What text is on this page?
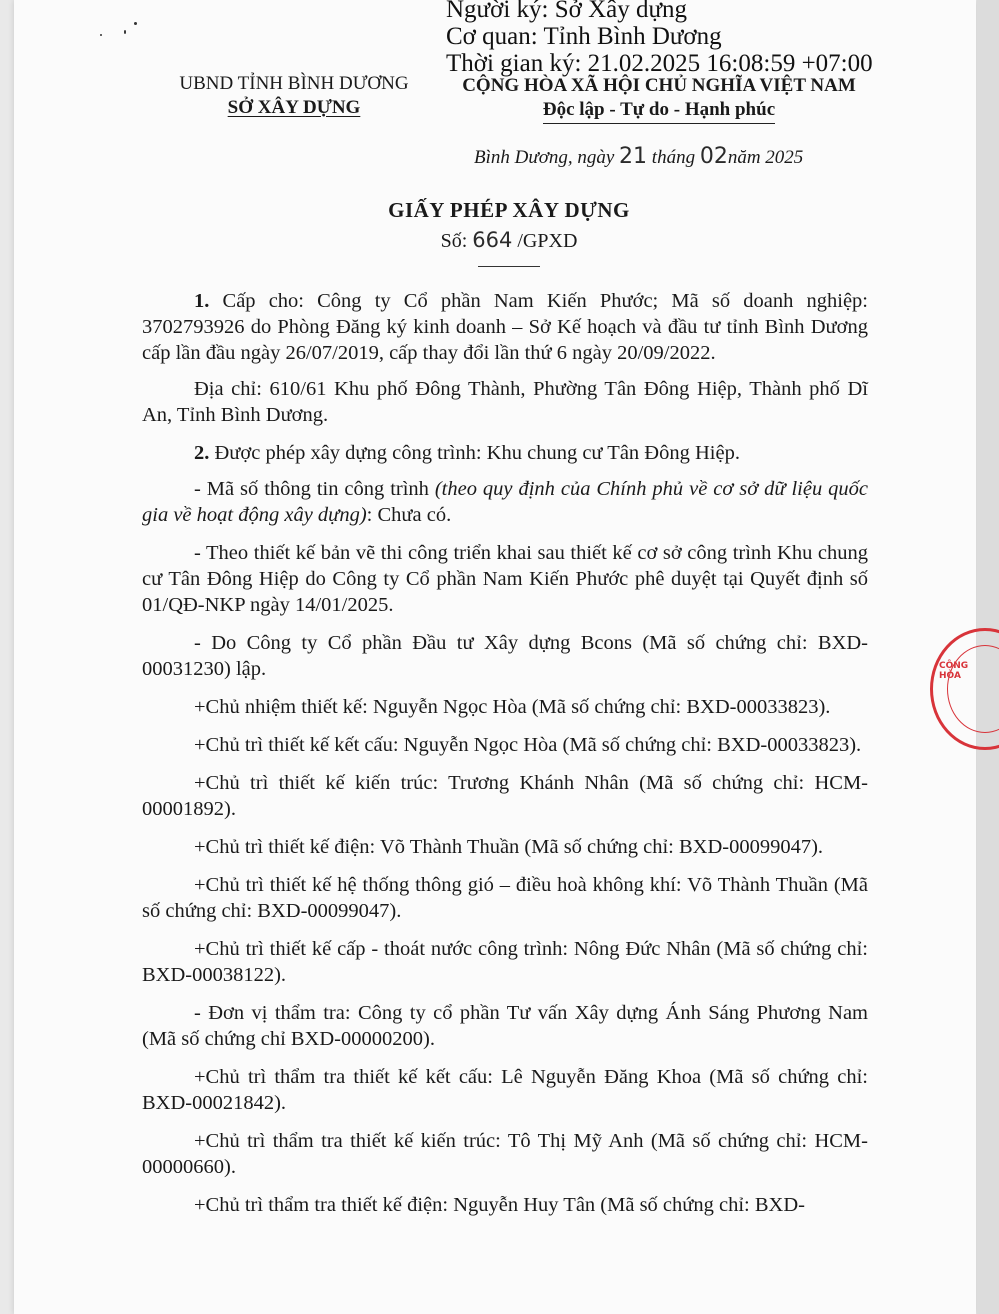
Người ký: Sở Xây dựng
Cơ quan: Tỉnh Bình Dương
Thời gian ký: 21.02.2025 16:08:59 +07:00
UBND TỈNH BÌNH DƯƠNG
SỞ XÂY DỰNG
CỘNG HÒA XÃ HỘI CHỦ NGHĨA VIỆT NAM
Độc lập - Tự do - Hạnh phúc
Bình Dương, ngày 21 tháng 02năm 2025
GIẤY PHÉP XÂY DỰNG
Số: 664 /GPXD

1. Cấp cho: Công ty Cổ phần Nam Kiến Phước; Mã số doanh nghiệp: 3702793926 do Phòng Đăng ký kinh doanh – Sở Kế hoạch và đầu tư tỉnh Bình Dương cấp lần đầu ngày 26/07/2019, cấp thay đổi lần thứ 6 ngày 20/09/2022.

Địa chỉ: 610/61 Khu phố Đông Thành, Phường Tân Đông Hiệp, Thành phố Dĩ An, Tỉnh Bình Dương.

2. Được phép xây dựng công trình: Khu chung cư Tân Đông Hiệp.

- Mã số thông tin công trình (theo quy định của Chính phủ về cơ sở dữ liệu quốc gia về hoạt động xây dựng): Chưa có.

- Theo thiết kế bản vẽ thi công triển khai sau thiết kế cơ sở công trình Khu chung cư Tân Đông Hiệp do Công ty Cổ phần Nam Kiến Phước phê duyệt tại Quyết định số 01/QĐ-NKP ngày 14/01/2025.

- Do Công ty Cổ phần Đầu tư Xây dựng Bcons (Mã số chứng chỉ: BXD-00031230) lập.

+Chủ nhiệm thiết kế: Nguyễn Ngọc Hòa (Mã số chứng chỉ: BXD-00033823).

+Chủ trì thiết kế kết cấu: Nguyễn Ngọc Hòa (Mã số chứng chỉ: BXD-00033823).

+Chủ trì thiết kế kiến trúc: Trương Khánh Nhân (Mã số chứng chỉ: HCM-00001892).

+Chủ trì thiết kế điện: Võ Thành Thuần (Mã số chứng chỉ: BXD-00099047).

+Chủ trì thiết kế hệ thống thông gió – điều hoà không khí: Võ Thành Thuần (Mã số chứng chỉ: BXD-00099047).

+Chủ trì thiết kế cấp - thoát nước công trình: Nông Đức Nhân (Mã số chứng chỉ: BXD-00038122).

- Đơn vị thẩm tra: Công ty cổ phần Tư vấn Xây dựng Ánh Sáng Phương Nam (Mã số chứng chỉ BXD-00000200).

+Chủ trì thẩm tra thiết kế kết cấu: Lê Nguyễn Đăng Khoa (Mã số chứng chỉ: BXD-00021842).

+Chủ trì thẩm tra thiết kế kiến trúc: Tô Thị Mỹ Anh (Mã số chứng chỉ: HCM-00000660).

+Chủ trì thẩm tra thiết kế điện: Nguyễn Huy Tân (Mã số chứng chỉ: BXD-

CÔNG HÒA
